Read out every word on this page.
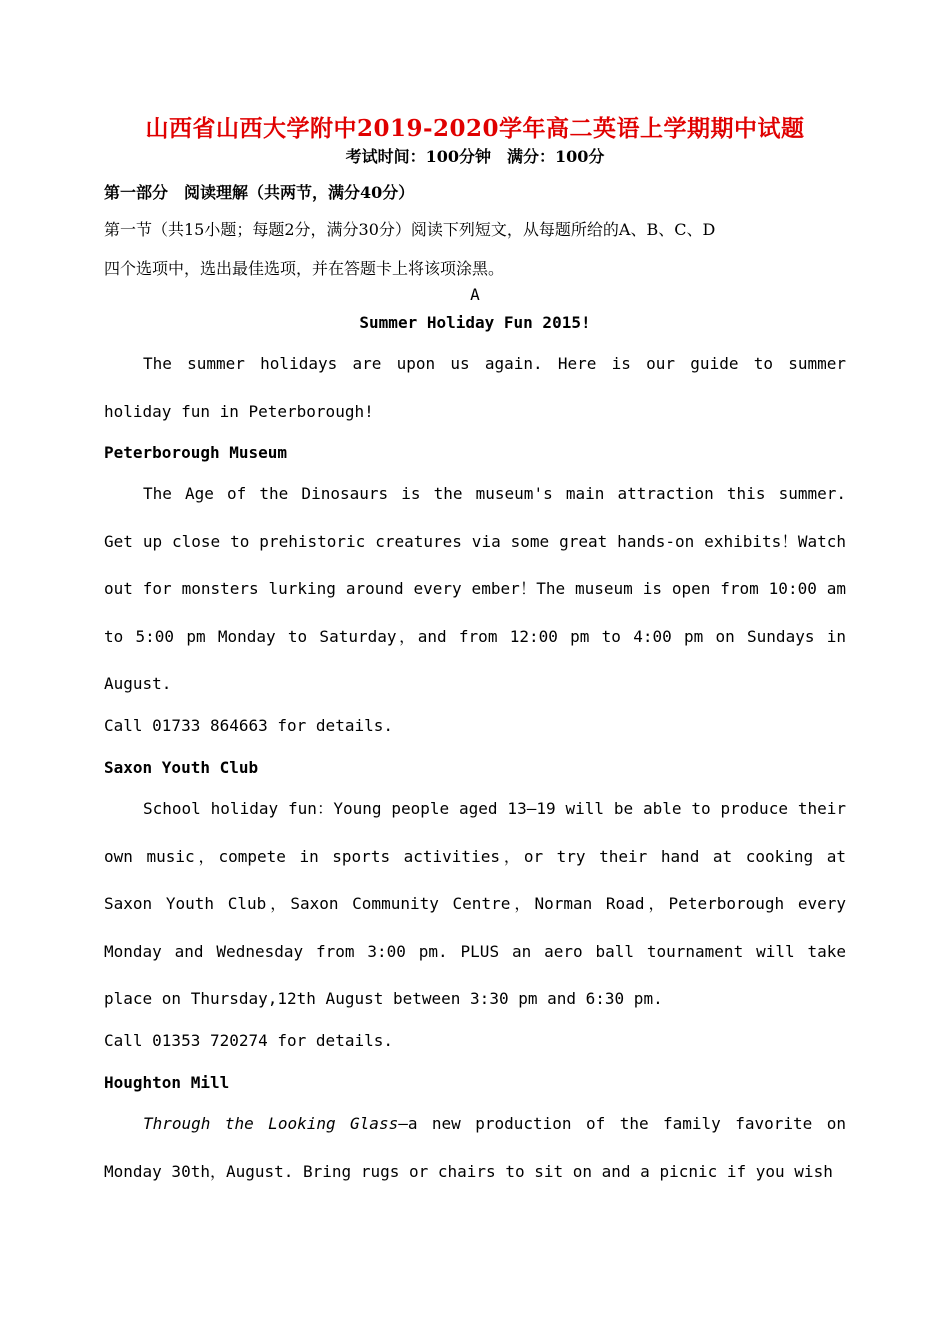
山西省山西大学附中2019-2020学年高二英语上学期期中试题
考试时间：100分钟　满分：100分
第一部分　阅读理解（共两节，满分40分）
第一节（共15小题；每题2分，满分30分）阅读下列短文，从每题所给的A、B、C、D
四个选项中，选出最佳选项，并在答题卡上将该项涂黑。
A
Summer Holiday Fun 2015!

The summer holidays are upon us again. Here is our guide to summer holiday fun in Peterborough!

Peterborough Museum

The Age of the Dinosaurs is the museum's main attraction this summer. Get up close to prehistoric creatures via some great hands-on exhibits！Watch out for monsters lurking around every ember！The museum is open from 10:00 am to 5:00 pm Monday to Saturday，and from 12:00 pm to 4:00 pm on Sundays in August.

Call 01733 864663 for details.
Saxon Youth Club

School holiday fun：Young people aged 13—19 will be able to produce their own music，compete in sports activities，or try their hand at cooking at Saxon Youth Club，Saxon Community Centre，Norman Road，Peterborough every Monday and Wednesday from 3:00 pm. PLUS an aero ball tournament will take place on Thursday,12th August between 3:30 pm and 6:30 pm.

Call 01353 720274 for details.
Houghton Mill

Through the Looking Glass—a new production of the family favorite on Monday 30th，August. Bring rugs or chairs to sit on and a picnic if you wish
